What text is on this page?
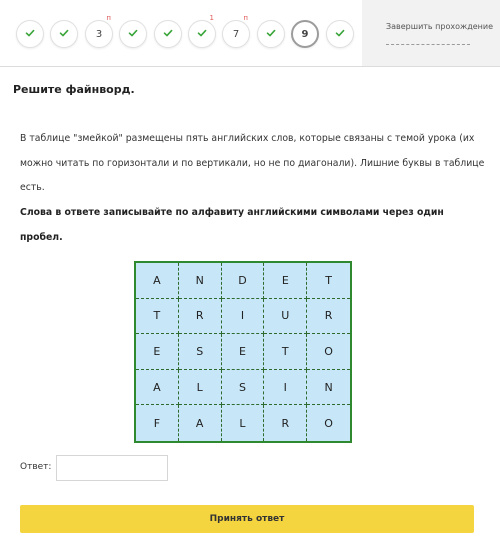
3
п	1
7
п
9
Завершить прохождение
Решите файнворд.
В таблице "змейкой" размещены пять английских слов, которые связаны с темой урока (их можно читать по горизонтали и по вертикали, но не по диагонали). Лишние буквы в таблице есть.
Слова в ответе записывайте по алфавиту английскими символами через один пробел.
A	N	D	E	T
T	R	I	U	R
E	S	E	T	O
A	L	S	I	N
F	A	L	R	O
Ответ:
Принять ответ
